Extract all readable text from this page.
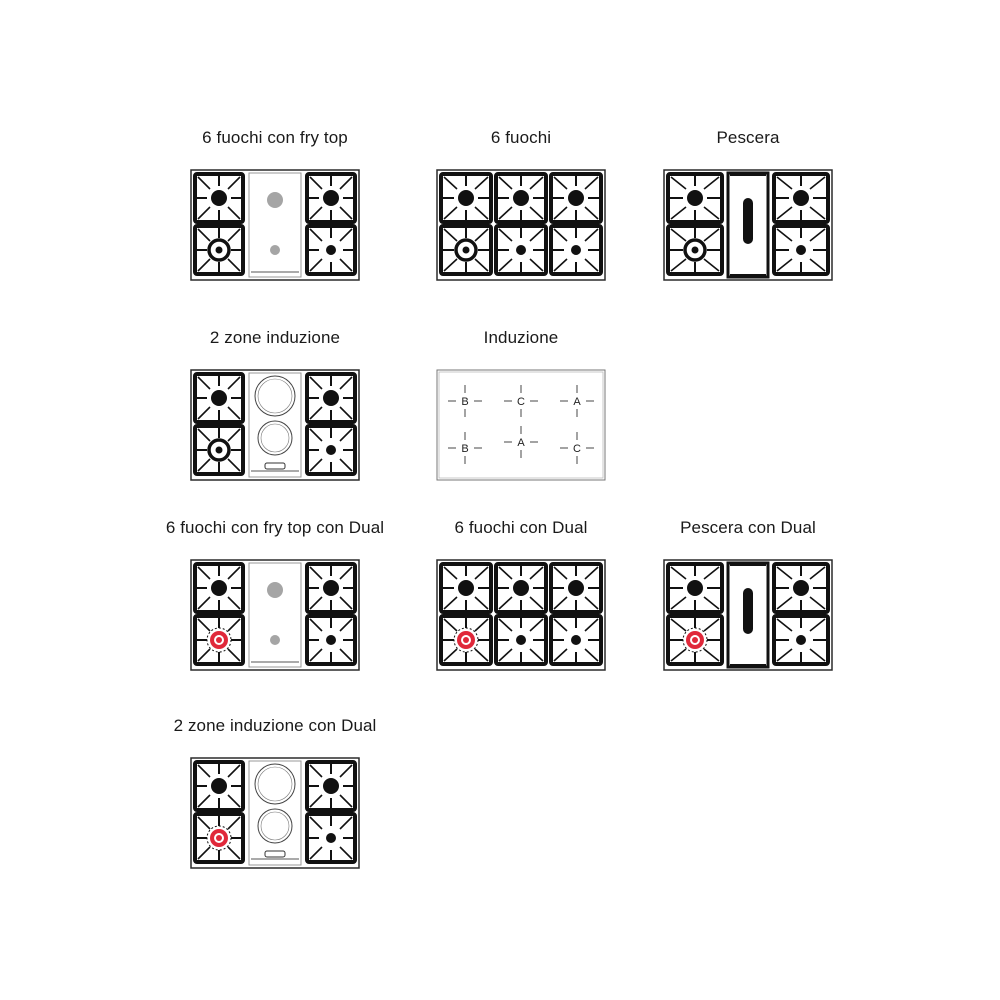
6 fuochi con fry top	6 fuochi	Pescera
2 zone induzione	Induzione
B	C	A
B	A	C
6 fuochi con fry top con Dual	6 fuochi con Dual	Pescera con Dual
2 zone induzione con Dual
